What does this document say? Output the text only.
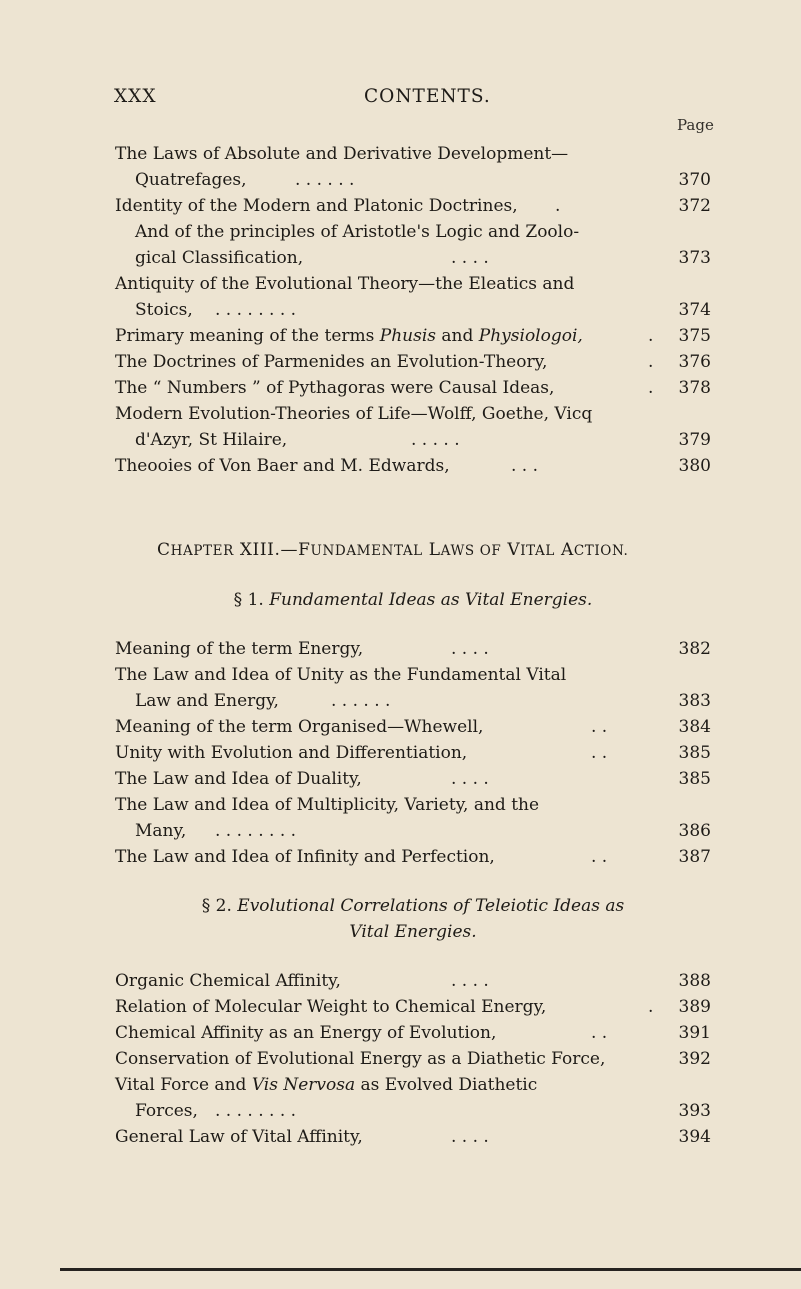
XXX	CONTENTS.
Page
The Laws of Absolute and Derivative Development—
Quatrefages,	. . . . . .	370
Identity of the Modern and Platonic Doctrines, .	372
And of the principles of Aristotle's Logic and Zoolo-
gical Classification,	. . . .	373
Antiquity of the Evolutional Theory—the Eleatics and
Stoics, . . . . . . . .	374
Primary meaning of the terms Phusis and Physiologoi,	. 375
The Doctrines of Parmenides an Evolution-Theory,	. 376
The “ Numbers ” of Pythagoras were Causal Ideas,	. 378
Modern Evolution-Theories of Life—Wolff, Goethe, Vicq
d'Azyr, St Hilaire,	. . . . .	379
Theooies of Von Baer and M. Edwards,	. . .	380
CHAPTER XIII.—FUNDAMENTAL LAWS OF VITAL ACTION.
§ 1. Fundamental Ideas as Vital Energies.
Meaning of the term Energy,	. . . .	382
The Law and Idea of Unity as the Fundamental Vital
Law and Energy,	. . . . . .	383
Meaning of the term Organised—Whewell,	. .	384
Unity with Evolution and Differentiation,	. .	385
The Law and Idea of Duality,	. . . .	385
The Law and Idea of Multiplicity, Variety, and the
Many, . . . . . . . .	386
The Law and Idea of Infinity and Perfection,	. .	387
§ 2. Evolutional Correlations of Teleiotic Ideas as
Vital Energies.
Organic Chemical Affinity,	. . . .	388
Relation of Molecular Weight to Chemical Energy,	. 389
Chemical Affinity as an Energy of Evolution,	. .	391
Conservation of Evolutional Energy as a Diathetic Force,	392
Vital Force and Vis Nervosa as Evolved Diathetic
Forces, . . . . . . . .	393
General Law of Vital Affinity,	. . . .	394
